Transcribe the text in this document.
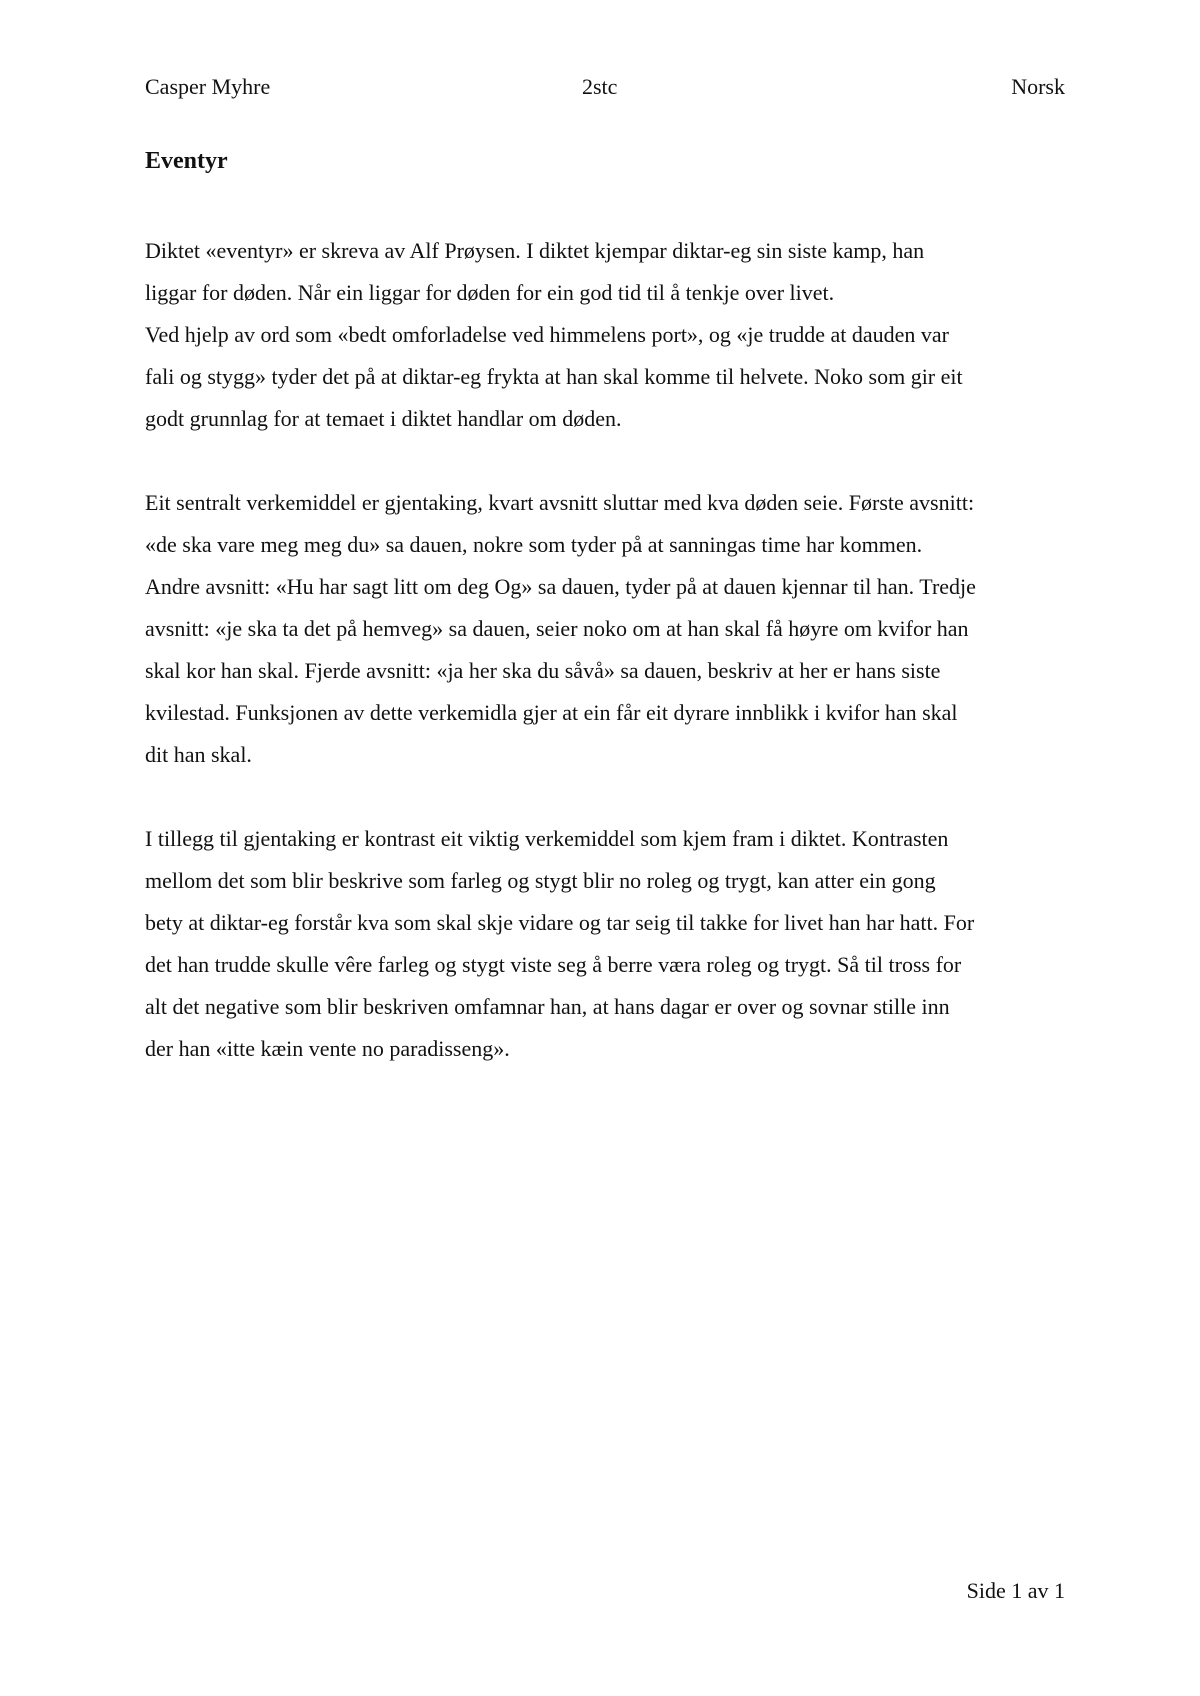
Casper Myhre	2stc	Norsk
Eventyr
Diktet «eventyr» er skreva av Alf Prøysen. I diktet kjempar diktar-eg sin siste kamp, han
liggar for døden. Når ein liggar for døden for ein god tid til å tenkje over livet.
Ved hjelp av ord som «bedt omforladelse ved himmelens port», og «je trudde at dauden var
fali og stygg» tyder det på at diktar-eg frykta at han skal komme til helvete. Noko som gir eit
godt grunnlag for at temaet i diktet handlar om døden.
Eit sentralt verkemiddel er gjentaking, kvart avsnitt sluttar med kva døden seie. Første avsnitt:
«de ska vare meg meg du» sa dauen, nokre som tyder på at sanningas time har kommen.
Andre avsnitt: «Hu har sagt litt om deg Og» sa dauen, tyder på at dauen kjennar til han. Tredje
avsnitt: «je ska ta det på hemveg» sa dauen, seier noko om at han skal få høyre om kvifor han
skal kor han skal. Fjerde avsnitt: «ja her ska du såvå» sa dauen, beskriv at her er hans siste
kvilestad. Funksjonen av dette verkemidla gjer at ein får eit dyrare innblikk i kvifor han skal
dit han skal.
I tillegg til gjentaking er kontrast eit viktig verkemiddel som kjem fram i diktet. Kontrasten
mellom det som blir beskrive som farleg og stygt blir no roleg og trygt, kan atter ein gong
bety at diktar-eg forstår kva som skal skje vidare og tar seig til takke for livet han har hatt. For
det han trudde skulle vêre farleg og stygt viste seg å berre væra roleg og trygt. Så til tross for
alt det negative som blir beskriven omfamnar han, at hans dagar er over og sovnar stille inn
der han «itte kæin vente no paradisseng».
Side 1 av 1
